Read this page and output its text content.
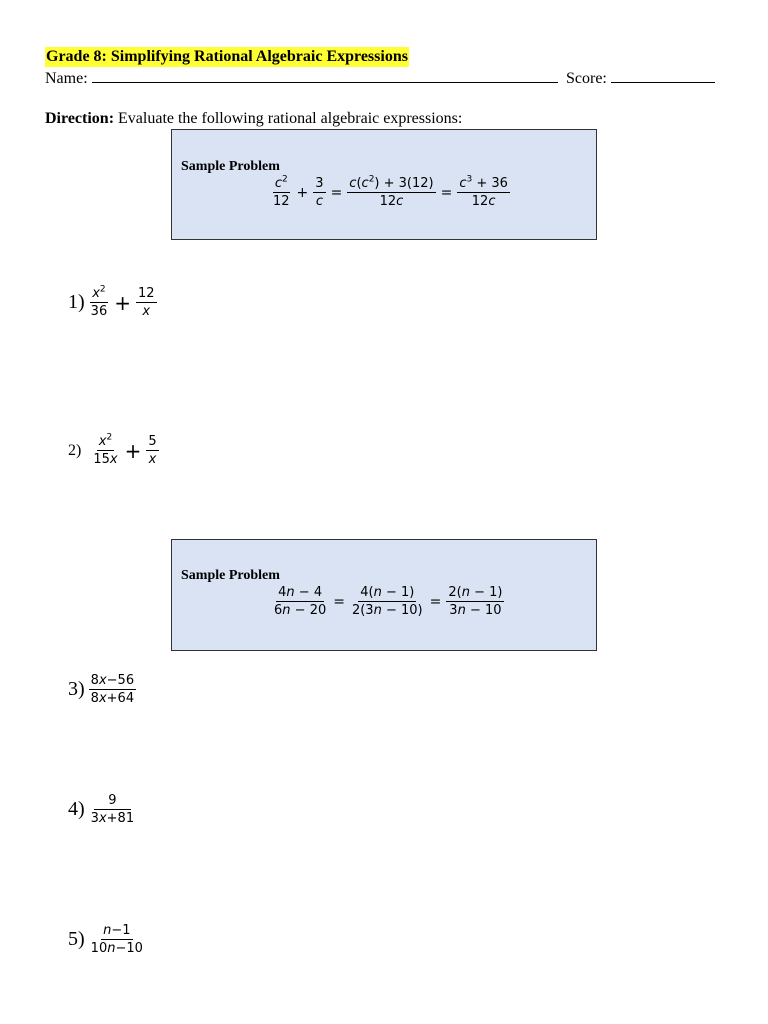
Grade 8: Simplifying Rational Algebraic Expressions
Name:	Score:
Direction: Evaluate the following rational algebraic expressions:
Sample Problem
$\frac{c^2}{12} + \frac{3}{c} = \frac{c(c^2) + 3(12)}{12c} = \frac{c^3 + 36}{12c}$
$1) \frac{x^2}{36} + \frac{12}{x}$
$2) \frac{x^2}{15x} + \frac{5}{x}$
Sample Problem
$\frac{4n - 4}{6n - 20} = \frac{4(n - 1)}{2(3n - 10)} = \frac{2(n - 1)}{3n - 10}$
$3) \frac{8x-56}{8x+64}$
$4) \frac{9}{3x+81}$
$5) \frac{n-1}{10n-10}$
